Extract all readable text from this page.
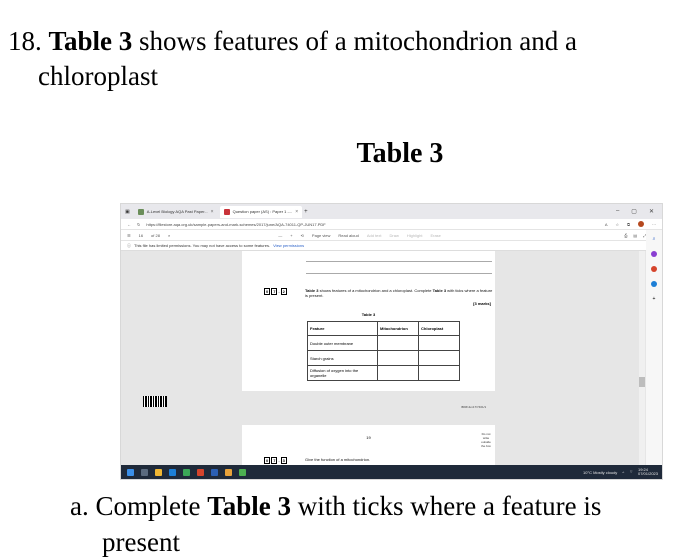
18. Table 3 shows features of a mitochondrion and a
chloroplast
Table 3
▣	A-Level Biology AQA Past Paper... ×	Question paper (AS) : Paper 1 -... × +	– ▢ ✕
← ↻ https://filestore.aqa.org.uk/sample-papers-and-mark-schemes/2017/june/AQA-74011-QP-JUN17.PDF	A ☆ ⧉	···
☰ 16 of 28 ⌕	— + ⟲ Page view Read aloud Add text Draw Highlight Erase	⎙ ▤ ⤢
ⓘ This file has limited permissions. You may not have access to some features. View permissions
0	7 . 2	Table 3 shows features of a mitochondrion and a chloroplast. Complete Table 3 with ticks where a feature is present.
[3 marks]
Table 3
Feature	Mitochondrion	Chloroplast
Double outer membrane		
Starch grains		
Diffusion of oxygen into the organelle		
IB/M/Jun17/7401/1
19
Do not write outside the box
0	7 . 3	Give the function of a mitochondrion.
⌕
+
10°C Mostly cloudy ^ ⌔ 19:24
07/01/2023
a. Complete Table 3 with ticks where a feature is
present
